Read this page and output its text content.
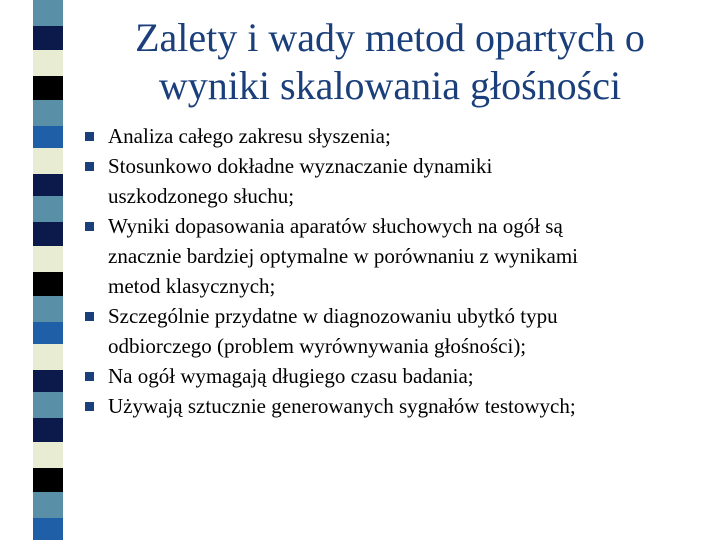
Zalety i wady metod opartych o
wyniki skalowania głośności
Analiza całego zakresu słyszenia;
Stosunkowo dokładne wyznaczanie dynamiki
uszkodzonego słuchu;
Wyniki dopasowania aparatów słuchowych na ogół są
znacznie bardziej optymalne w porównaniu z wynikami
metod klasycznych;
Szczególnie przydatne w diagnozowaniu ubytkó typu
odbiorczego (problem wyrównywania głośności);
Na ogół wymagają długiego czasu badania;
Używają sztucznie generowanych sygnałów testowych;
